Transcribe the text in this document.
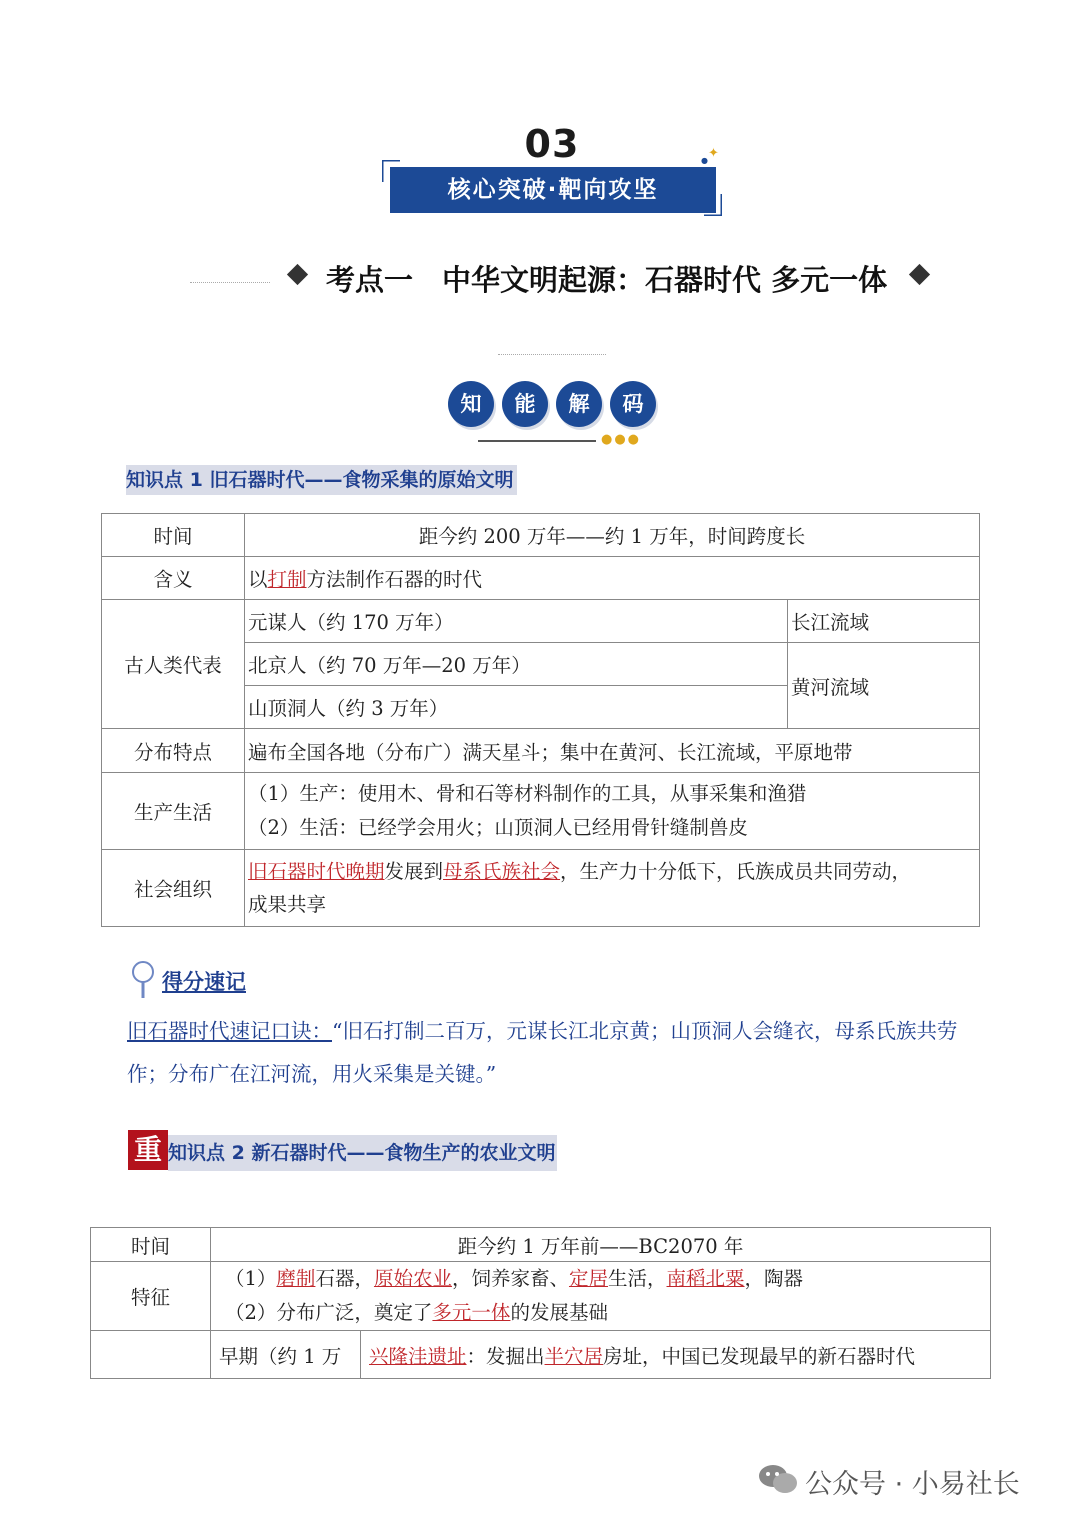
03
核心突破·靶向攻坚
✦
●
考点一　中华文明起源：石器时代 多元一体
知	能	解	码
●●●
知识点 1 旧石器时代——食物采集的原始文明
时间	距今约 200 万年——约 1 万年，时间跨度长	
含义	以打制方法制作石器的时代	
古人类代表	元谋人（约 170 万年）	长江流域
	北京人（约 70 万年—20 万年）	黄河流域
	山顶洞人（约 3 万年）	
分布特点	遍布全国各地（分布广）满天星斗；集中在黄河、长江流域，平原地带	
生产生活	（1）生产：使用木、骨和石等材料制作的工具，从事采集和渔猎
（2）生活：已经学会用火；山顶洞人已经用骨针缝制兽皮	

社会组织	旧石器时代晚期发展到母系氏族社会，生产力十分低下，氏族成员共同劳动，
成果共享	
得分速记
旧石器时代速记口诀：“旧石打制二百万，元谋长江北京黄；山顶洞人会缝衣，母系氏族共劳作；分布广在江河流，用火采集是关键。”
重 知识点 2 新石器时代——食物生产的农业文明
时间	距今约 1 万年前——BC2070 年	
特征	（1）磨制石器，原始农业，饲养家畜、定居生活，南稻北粟，陶器
（2）分布广泛，奠定了多元一体的发展基础	

	早期（约 1 万	兴隆洼遗址：发掘出半穴居房址，中国已发现最早的新石器时代
公众号 · 小易社长
